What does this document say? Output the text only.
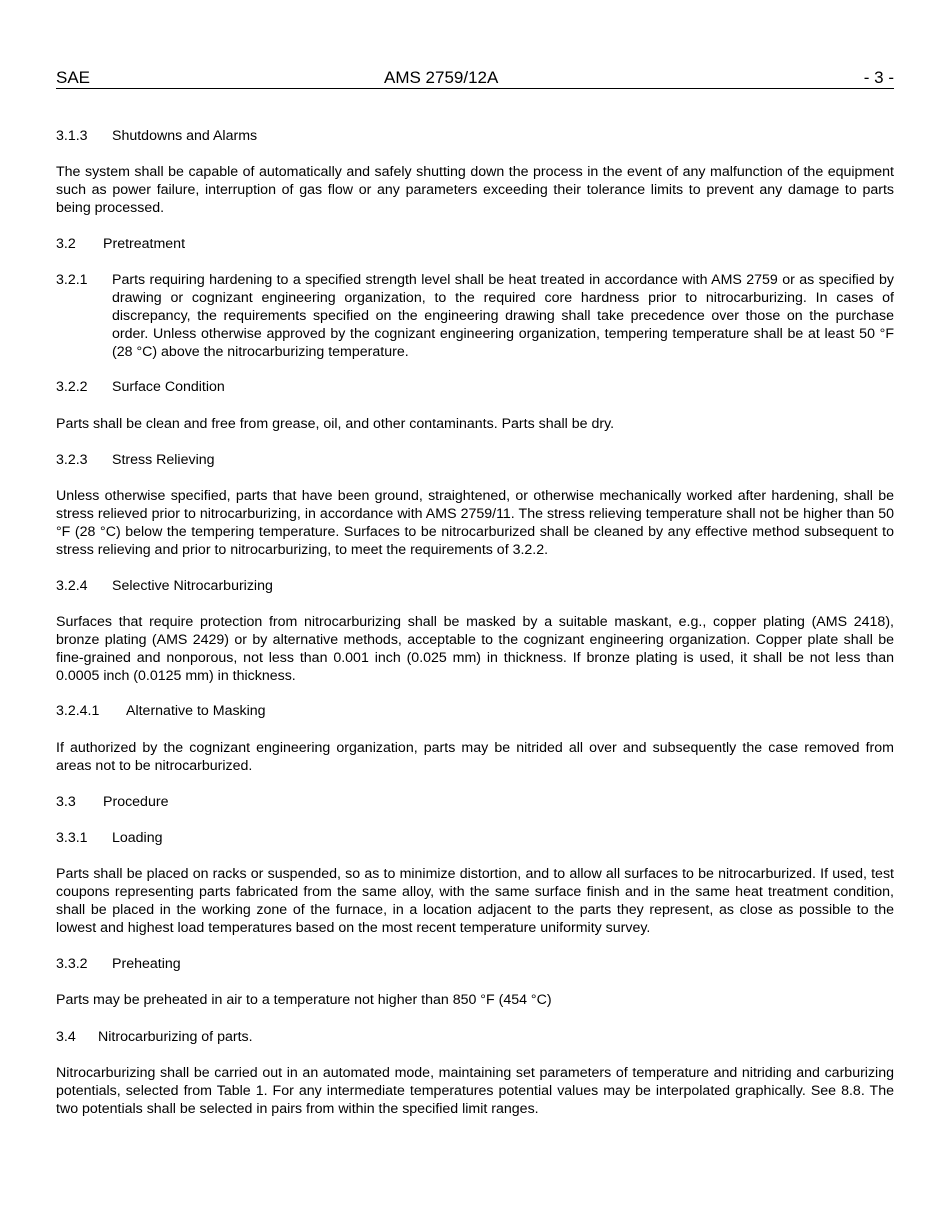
SAE	AMS 2759/12A	- 3 -
3.1.3 Shutdowns and Alarms
The system shall be capable of automatically and safely shutting down the process in the event of any malfunction of the equipment such as power failure, interruption of gas flow or any parameters exceeding their tolerance limits to prevent any damage to parts being processed.
3.2 Pretreatment
3.2.1 Parts requiring hardening to a specified strength level shall be heat treated in accordance with AMS 2759 or as specified by drawing or cognizant engineering organization, to the required core hardness prior to nitrocarburizing. In cases of discrepancy, the requirements specified on the engineering drawing shall take precedence over those on the purchase order. Unless otherwise approved by the cognizant engineering organization, tempering temperature shall be at least 50 °F (28 °C) above the nitrocarburizing temperature.
3.2.2 Surface Condition
Parts shall be clean and free from grease, oil, and other contaminants. Parts shall be dry.
3.2.3 Stress Relieving
Unless otherwise specified, parts that have been ground, straightened, or otherwise mechanically worked after hardening, shall be stress relieved prior to nitrocarburizing, in accordance with AMS 2759/11. The stress relieving temperature shall not be higher than 50 °F (28 °C) below the tempering temperature. Surfaces to be nitrocarburized shall be cleaned by any effective method subsequent to stress relieving and prior to nitrocarburizing, to meet the requirements of 3.2.2.
3.2.4 Selective Nitrocarburizing
Surfaces that require protection from nitrocarburizing shall be masked by a suitable maskant, e.g., copper plating (AMS 2418), bronze plating (AMS 2429) or by alternative methods, acceptable to the cognizant engineering organization. Copper plate shall be fine-grained and nonporous, not less than 0.001 inch (0.025 mm) in thickness. If bronze plating is used, it shall be not less than 0.0005 inch (0.0125 mm) in thickness.
3.2.4.1 Alternative to Masking
If authorized by the cognizant engineering organization, parts may be nitrided all over and subsequently the case removed from areas not to be nitrocarburized.
3.3 Procedure
3.3.1 Loading
Parts shall be placed on racks or suspended, so as to minimize distortion, and to allow all surfaces to be nitrocarburized. If used, test coupons representing parts fabricated from the same alloy, with the same surface finish and in the same heat treatment condition, shall be placed in the working zone of the furnace, in a location adjacent to the parts they represent, as close as possible to the lowest and highest load temperatures based on the most recent temperature uniformity survey.
3.3.2 Preheating
Parts may be preheated in air to a temperature not higher than 850 °F (454 °C)
3.4 Nitrocarburizing of parts.
Nitrocarburizing shall be carried out in an automated mode, maintaining set parameters of temperature and nitriding and carburizing potentials, selected from Table 1. For any intermediate temperatures potential values may be interpolated graphically. See 8.8. The two potentials shall be selected in pairs from within the specified limit ranges.
